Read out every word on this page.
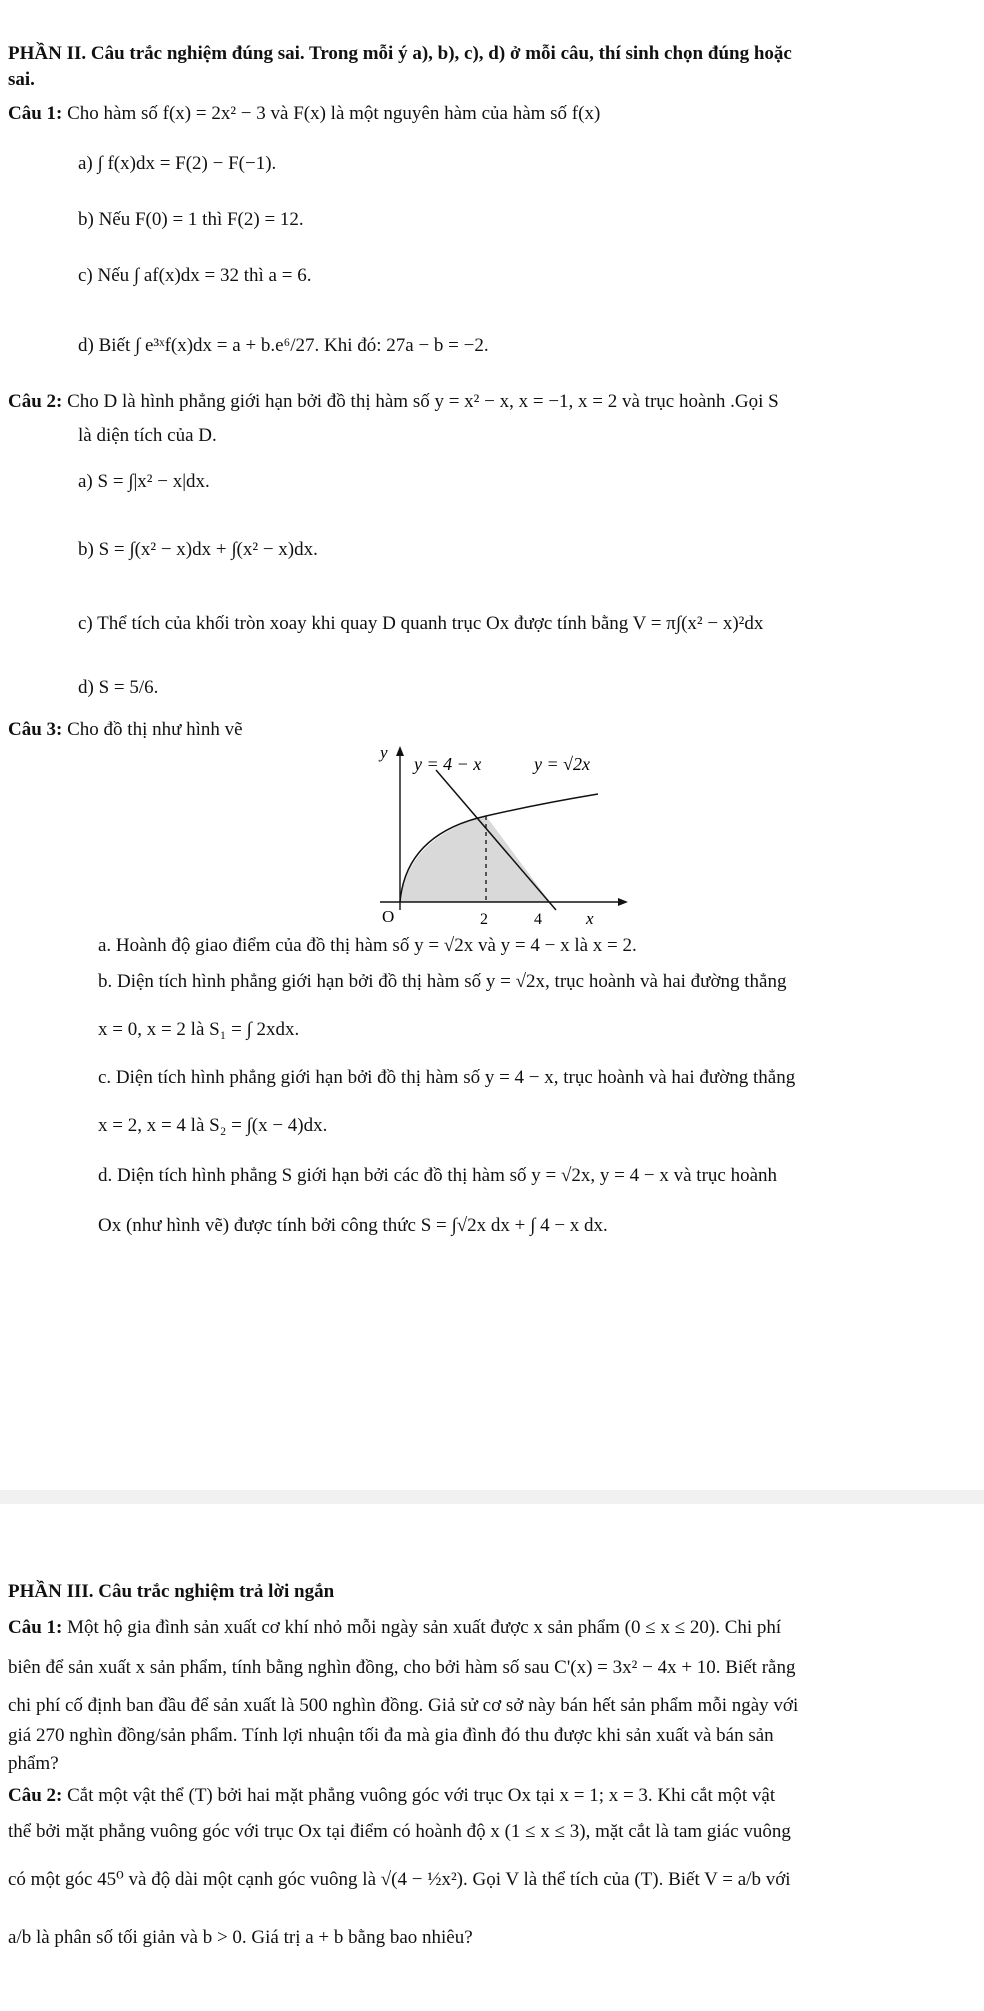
PHẦN II. Câu trắc nghiệm đúng sai. Trong mỗi ý a), b), c), d) ở mỗi câu, thí sinh chọn đúng hoặc
sai.
Câu 1: Cho hàm số f(x) = 2x² − 3 và F(x) là một nguyên hàm của hàm số f(x)
a) ∫ f(x)dx = F(2) − F(−1).
b) Nếu F(0) = 1 thì F(2) = 12.
c) Nếu ∫ af(x)dx = 32 thì a = 6.
d) Biết ∫ e³ˣf(x)dx = a + b.e⁶/27. Khi đó: 27a − b = −2.
Câu 2: Cho D là hình phẳng giới hạn bởi đồ thị hàm số y = x² − x, x = −1, x = 2 và trục hoành .Gọi S
là diện tích của D.
a) S = ∫|x² − x|dx.
b) S = ∫(x² − x)dx + ∫(x² − x)dx.
c) Thể tích của khối tròn xoay khi quay D quanh trục Ox được tính bằng V = π∫(x² − x)²dx
d) S = 5/6.
Câu 3: Cho đồ thị như hình vẽ
y
x
O	2	4
y = 4 − x	y = √2x
a. Hoành độ giao điểm của đồ thị hàm số y = √2x và y = 4 − x là x = 2.
b. Diện tích hình phẳng giới hạn bởi đồ thị hàm số y = √2x, trục hoành và hai đường thẳng
x = 0, x = 2 là S₁ = ∫ 2xdx.
c. Diện tích hình phẳng giới hạn bởi đồ thị hàm số y = 4 − x, trục hoành và hai đường thẳng
x = 2, x = 4 là S₂ = ∫(x − 4)dx.
d. Diện tích hình phẳng S giới hạn bởi các đồ thị hàm số y = √2x, y = 4 − x và trục hoành
Ox (như hình vẽ) được tính bởi công thức S = ∫√2x dx + ∫ 4 − x dx.
PHẦN III. Câu trắc nghiệm trả lời ngắn
Câu 1: Một hộ gia đình sản xuất cơ khí nhỏ mỗi ngày sản xuất được x sản phẩm (0 ≤ x ≤ 20). Chi phí
biên để sản xuất x sản phẩm, tính bằng nghìn đồng, cho bởi hàm số sau C'(x) = 3x² − 4x + 10. Biết rằng
chi phí cố định ban đầu để sản xuất là 500 nghìn đồng. Giả sử cơ sở này bán hết sản phẩm mỗi ngày với
giá 270 nghìn đồng/sản phẩm. Tính lợi nhuận tối đa mà gia đình đó thu được khi sản xuất và bán sản
phẩm?
Câu 2: Cắt một vật thể (T) bởi hai mặt phẳng vuông góc với trục Ox tại x = 1; x = 3. Khi cắt một vật
thể bởi mặt phẳng vuông góc với trục Ox tại điểm có hoành độ x (1 ≤ x ≤ 3), mặt cắt là tam giác vuông
có một góc 45⁰ và độ dài một cạnh góc vuông là √(4 − ½x²). Gọi V là thể tích của (T). Biết V = a/b với
a/b là phân số tối giản và b > 0. Giá trị a + b bằng bao nhiêu?
